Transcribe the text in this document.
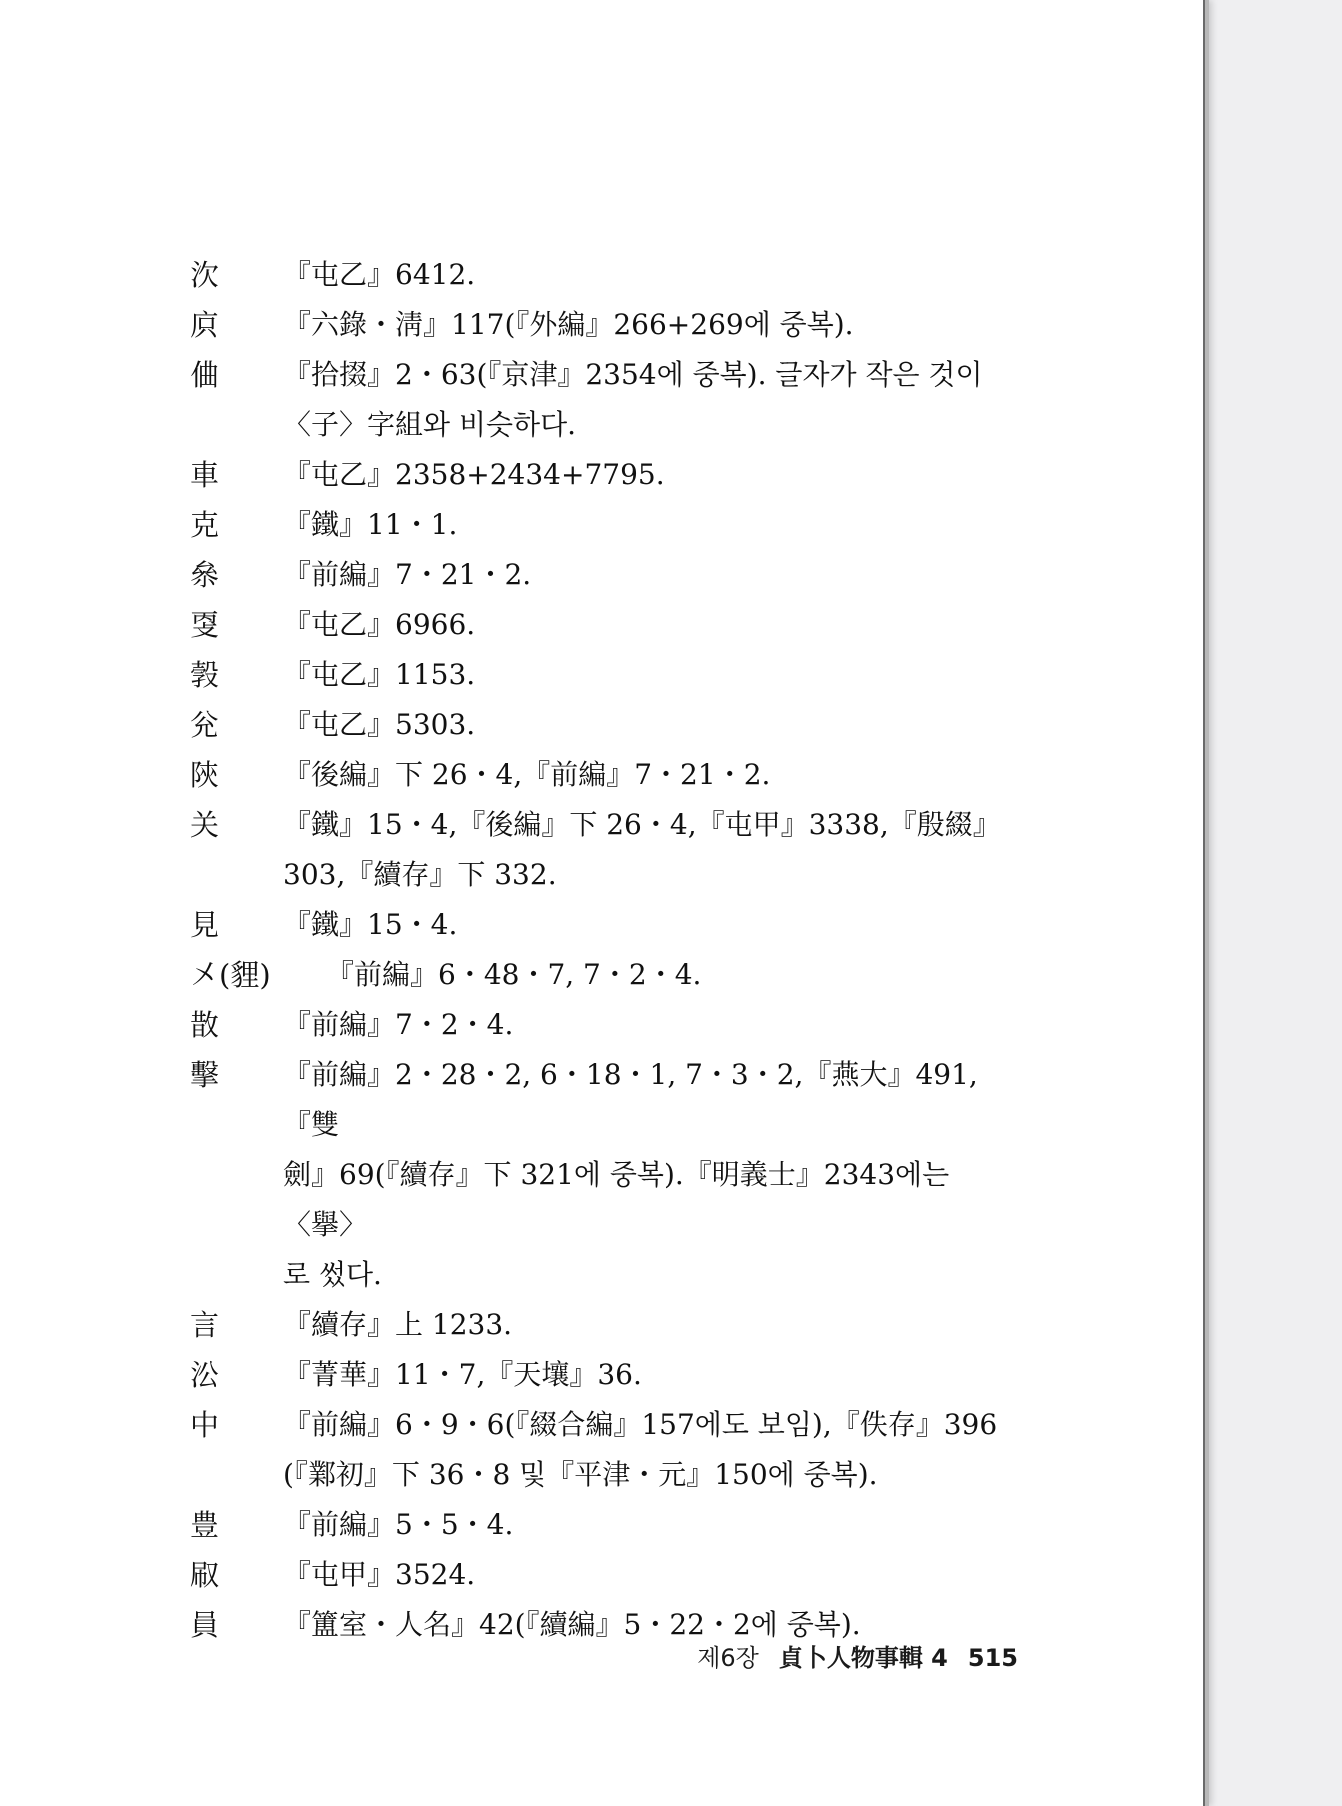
㳄	『屯乙』6412.
㡶	『六錄・淸』117(『外編』266+269에 중복).
㑋	『拾掇』2・63(『京津』2354에 중복). 글자가 작은 것이
〈子〉字組와 비슷하다.
車	『屯乙』2358+2434+7795.
克	『鐵』11・1.
㕘	『前編』7・21・2.
㪅	『屯乙』6966.
㝅	『屯乙』1153.
兊	『屯乙』5303.
陝	『後編』下 26・4,『前編』7・21・2.
关	『鐵』15・4,『後編』下 26・4,『屯甲』3338,『殷綴』
303,『續存』下 332.
見	『鐵』15・4.
㐅(貍)	『前編』6・48・7, 7・2・4.
㪚	『前編』7・2・4.
擊	『前編』2・28・2, 6・18・1, 7・3・2,『燕大』491,『雙
劍』69(『續存』下 321에 중복).『明義士』2343에는〈擧〉
로 썼다.
言	『續存』上 1233.
㳂	『菁華』11・7,『天壤』36.
中	『前編』6・9・6(『綴合編』157에도 보임),『佚存』396
(『鄴初』下 36・8 및『平津・元』150에 중복).
豊	『前編』5・5・4.
㕞	『屯甲』3524.
員	『簠室・人名』42(『續編』5・22・2에 중복).

제6장 貞卜人物事輯 4 515
